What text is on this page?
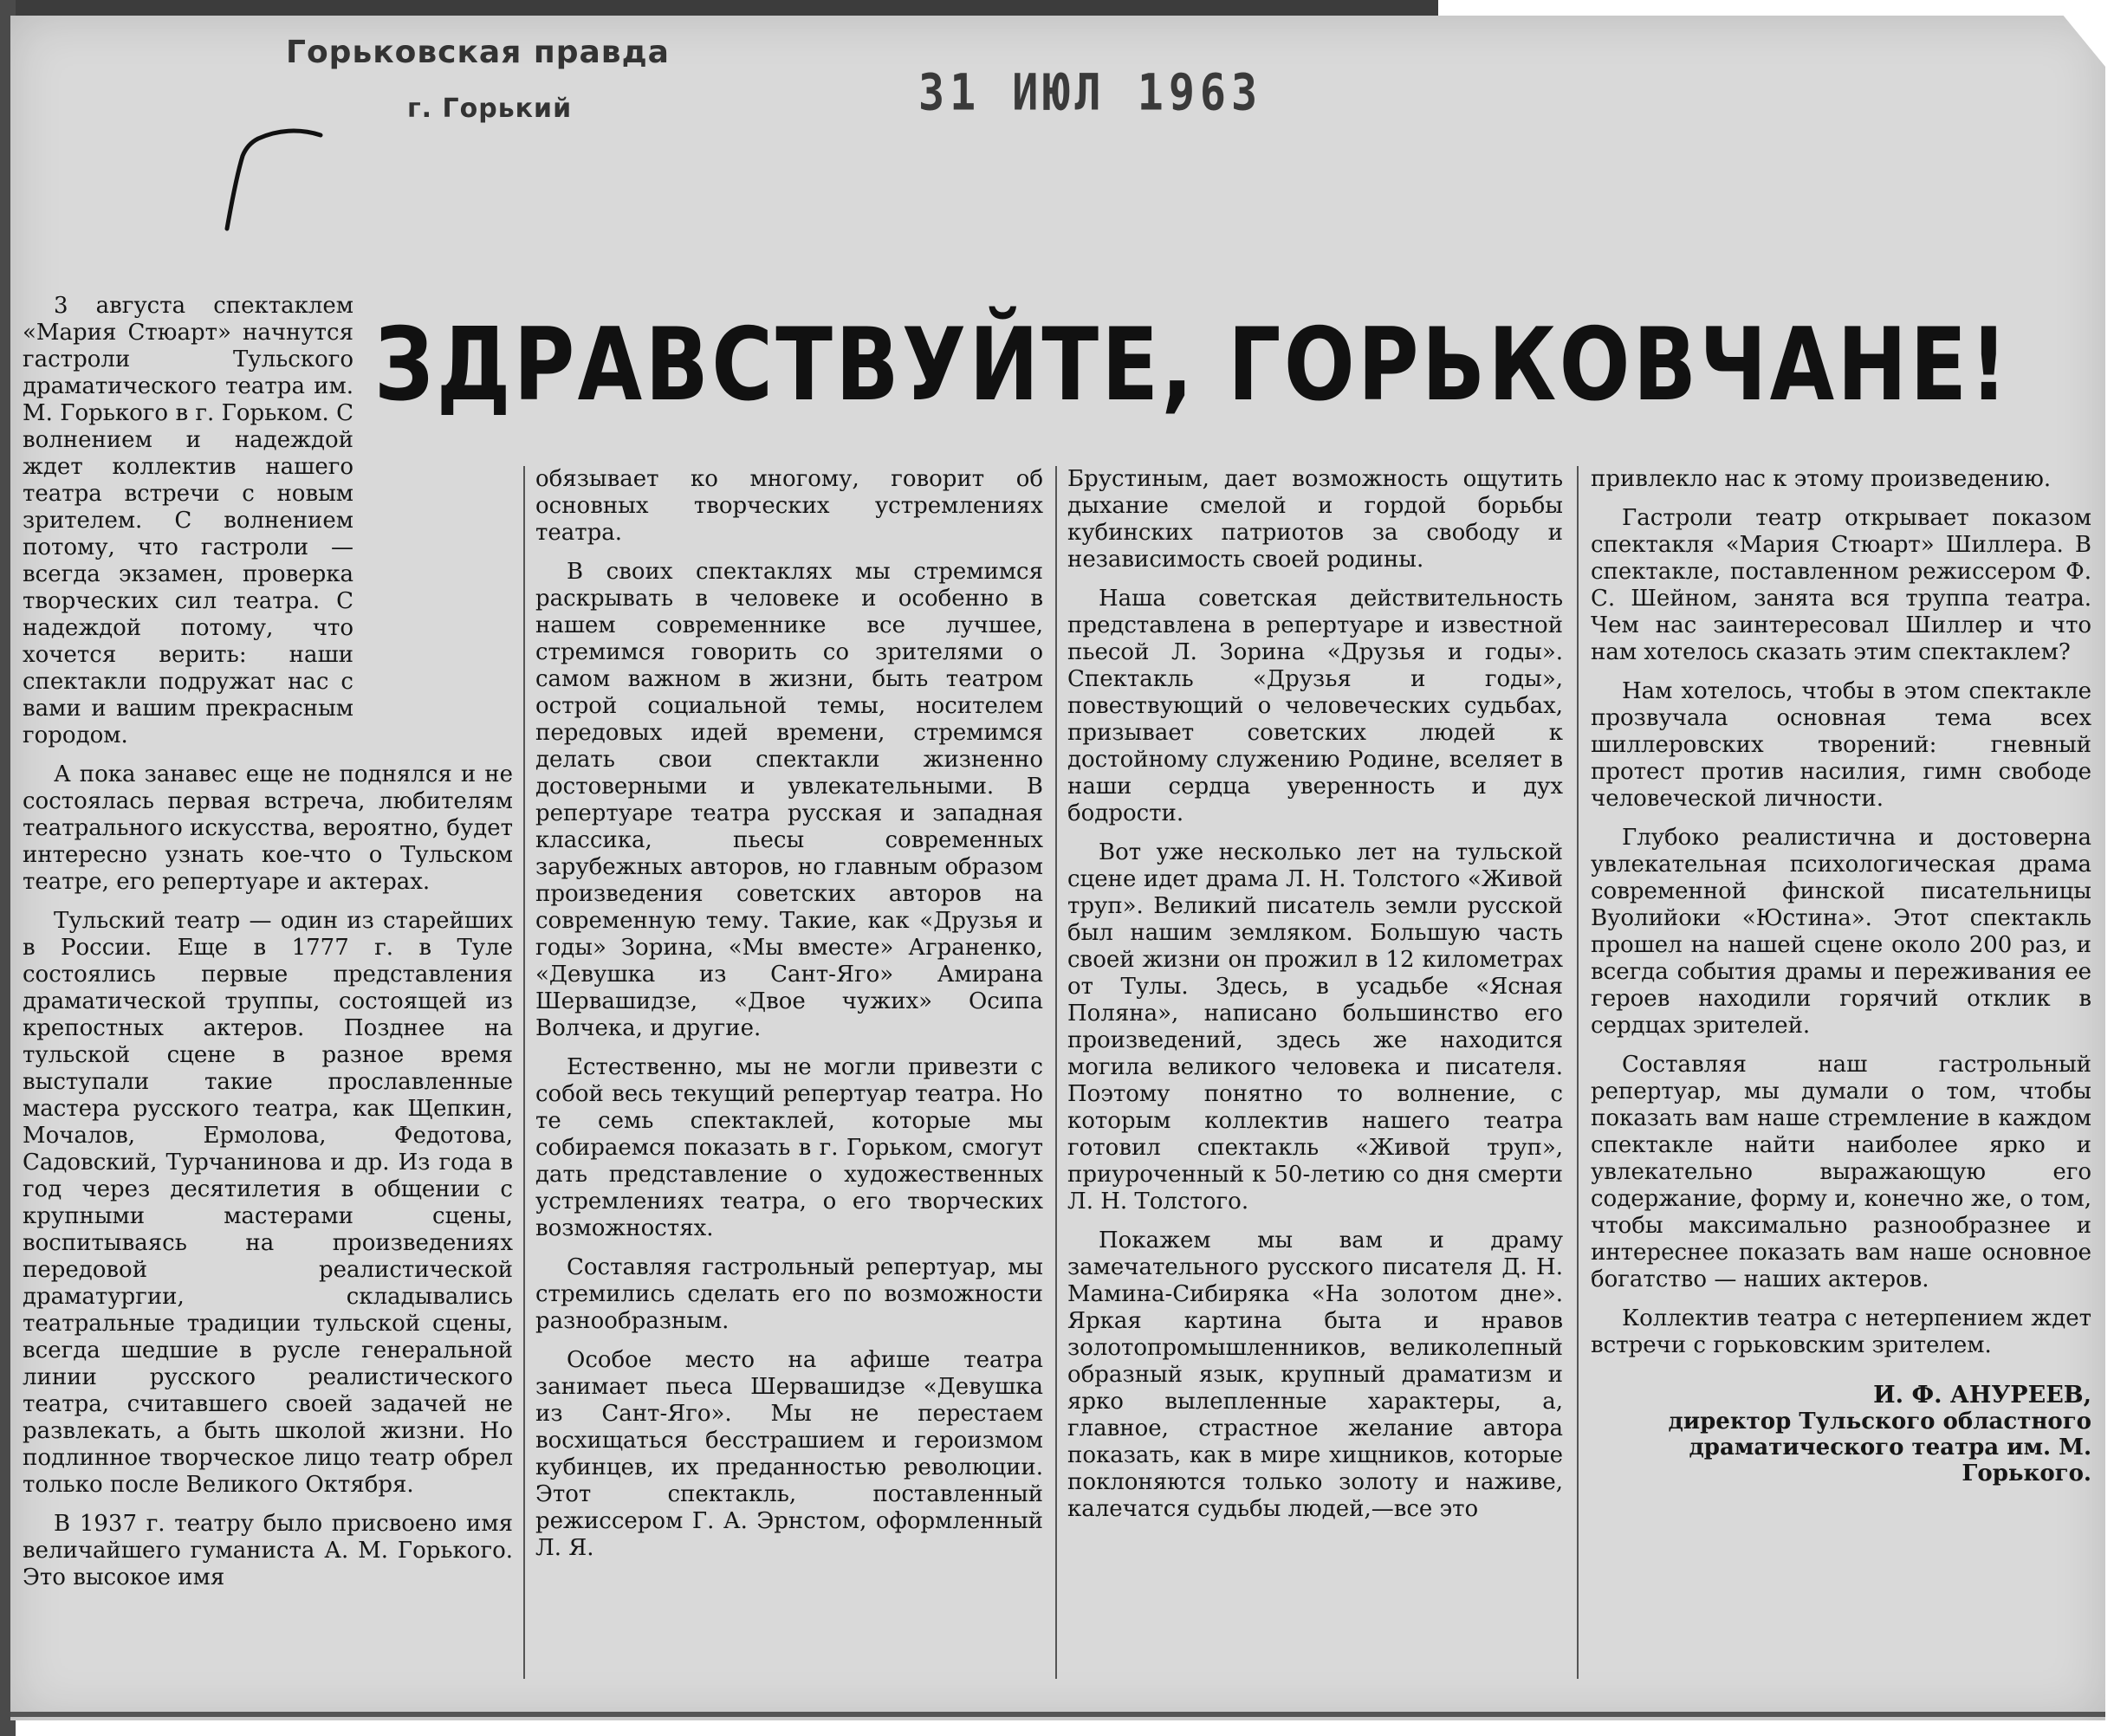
Горьковская правда
г. Горький	31 ИЮЛ 1963
ЗДРАВСТВУЙТЕ, ГОРЬКОВЧАНЕ!

3 августа спектаклем «Мария Стюарт» начнутся гастроли Тульского драматического театра им. М. Горького в г. Горьком. С волнением и надеждой ждет коллектив нашего театра встречи с новым зрителем. С волнением потому, что гастроли — всегда экзамен, проверка творческих сил театра. С надеждой потому, что хочется верить: наши спектакли подружат нас с вами и вашим прекрасным городом.

А пока занавес еще не поднялся и не состоялась первая встреча, любителям театрального искусства, вероятно, будет интересно узнать кое-что о Тульском театре, его репертуаре и актерах.

Тульский театр — один из старейших в России. Еще в 1777 г. в Туле состоялись первые представления драматической труппы, состоящей из крепостных актеров. Позднее на тульской сцене в разное время выступали такие прославленные мастера русского театра, как Щепкин, Мочалов, Ермолова, Федотова, Садовский, Турчанинова и др. Из года в год через десятилетия в общении с крупными мастерами сцены, воспитываясь на произведениях передовой реалистической драматургии, складывались театральные традиции тульской сцены, всегда шедшие в русле генеральной линии русского реалистического театра, считавшего своей задачей не развлекать, а быть школой жизни. Но подлинное творческое лицо театр обрел только после Великого Октября.

В 1937 г. театру было присвоено имя величайшего гуманиста А. М. Горького. Это высокое имя

обязывает ко многому, говорит об основных творческих устремлениях театра.

В своих спектаклях мы стремимся раскрывать в человеке и особенно в нашем современнике все лучшее, стремимся говорить со зрителями о самом важном в жизни, быть театром острой социальной темы, носителем передовых идей времени, стремимся делать свои спектакли жизненно достоверными и увлекательными. В репертуаре театра русская и западная классика, пьесы современных зарубежных авторов, но главным образом произведения советских авторов на современную тему. Такие, как «Друзья и годы» Зорина, «Мы вместе» Аграненко, «Девушка из Сант-Яго» Амирана Шервашидзе, «Двое чужих» Осипа Волчека, и другие.

Естественно, мы не могли привезти с собой весь текущий репертуар театра. Но те семь спектаклей, которые мы собираемся показать в г. Горьком, смогут дать представление о художественных устремлениях театра, о его творческих возможностях.

Составляя гастрольный репертуар, мы стремились сделать его по возможности разнообразным.

Особое место на афише театра занимает пьеса Шервашидзе «Девушка из Сант-Яго». Мы не перестаем восхищаться бесстрашием и героизмом кубинцев, их преданностью революции. Этот спектакль, поставленный режиссером Г. А. Эрнстом, оформленный Л. Я.

Брустиным, дает возможность ощутить дыхание смелой и гордой борьбы кубинских патриотов за свободу и независимость своей родины.

Наша советская действительность представлена в репертуаре и известной пьесой Л. Зорина «Друзья и годы». Спектакль «Друзья и годы», повествующий о человеческих судьбах, призывает советских людей к достойному служению Родине, вселяет в наши сердца уверенность и дух бодрости.

Вот уже несколько лет на тульской сцене идет драма Л. Н. Толстого «Живой труп». Великий писатель земли русской был нашим земляком. Большую часть своей жизни он прожил в 12 километрах от Тулы. Здесь, в усадьбе «Ясная Поляна», написано большинство его произведений, здесь же находится могила великого человека и писателя. Поэтому понятно то волнение, с которым коллектив нашего театра готовил спектакль «Живой труп», приуроченный к 50-летию со дня смерти Л. Н. Толстого.

Покажем мы вам и драму замечательного русского писателя Д. Н. Мамина-Сибиряка «На золотом дне». Яркая картина быта и нравов золотопромышленников, великолепный образный язык, крупный драматизм и ярко вылепленные характеры, а, главное, страстное желание автора показать, как в мире хищников, которые поклоняются только золоту и наживе, калечатся судьбы людей,—все это

привлекло нас к этому произведению.

Гастроли театр открывает показом спектакля «Мария Стюарт» Шиллера. В спектакле, поставленном режиссером Ф. С. Шейном, занята вся труппа театра. Чем нас заинтересовал Шиллер и что нам хотелось сказать этим спектаклем?

Нам хотелось, чтобы в этом спектакле прозвучала основная тема всех шиллеровских творений: гневный протест против насилия, гимн свободе человеческой личности.

Глубоко реалистична и достоверна увлекательная психологическая драма современной финской писательницы Вуолийоки «Юстина». Этот спектакль прошел на нашей сцене около 200 раз, и всегда события драмы и переживания ее героев находили горячий отклик в сердцах зрителей.

Составляя наш гастрольный репертуар, мы думали о том, чтобы показать вам наше стремление в каждом спектакле найти наиболее ярко и увлекательно выражающую его содержание, форму и, конечно же, о том, чтобы максимально разнообразнее и интереснее показать вам наше основное богатство — наших актеров.

Коллектив театра с нетерпением ждет встречи с горьковским зрителем.

И. Ф. АНУРЕЕВ,
директор Тульского областного драматического театра им. М. Горького.
